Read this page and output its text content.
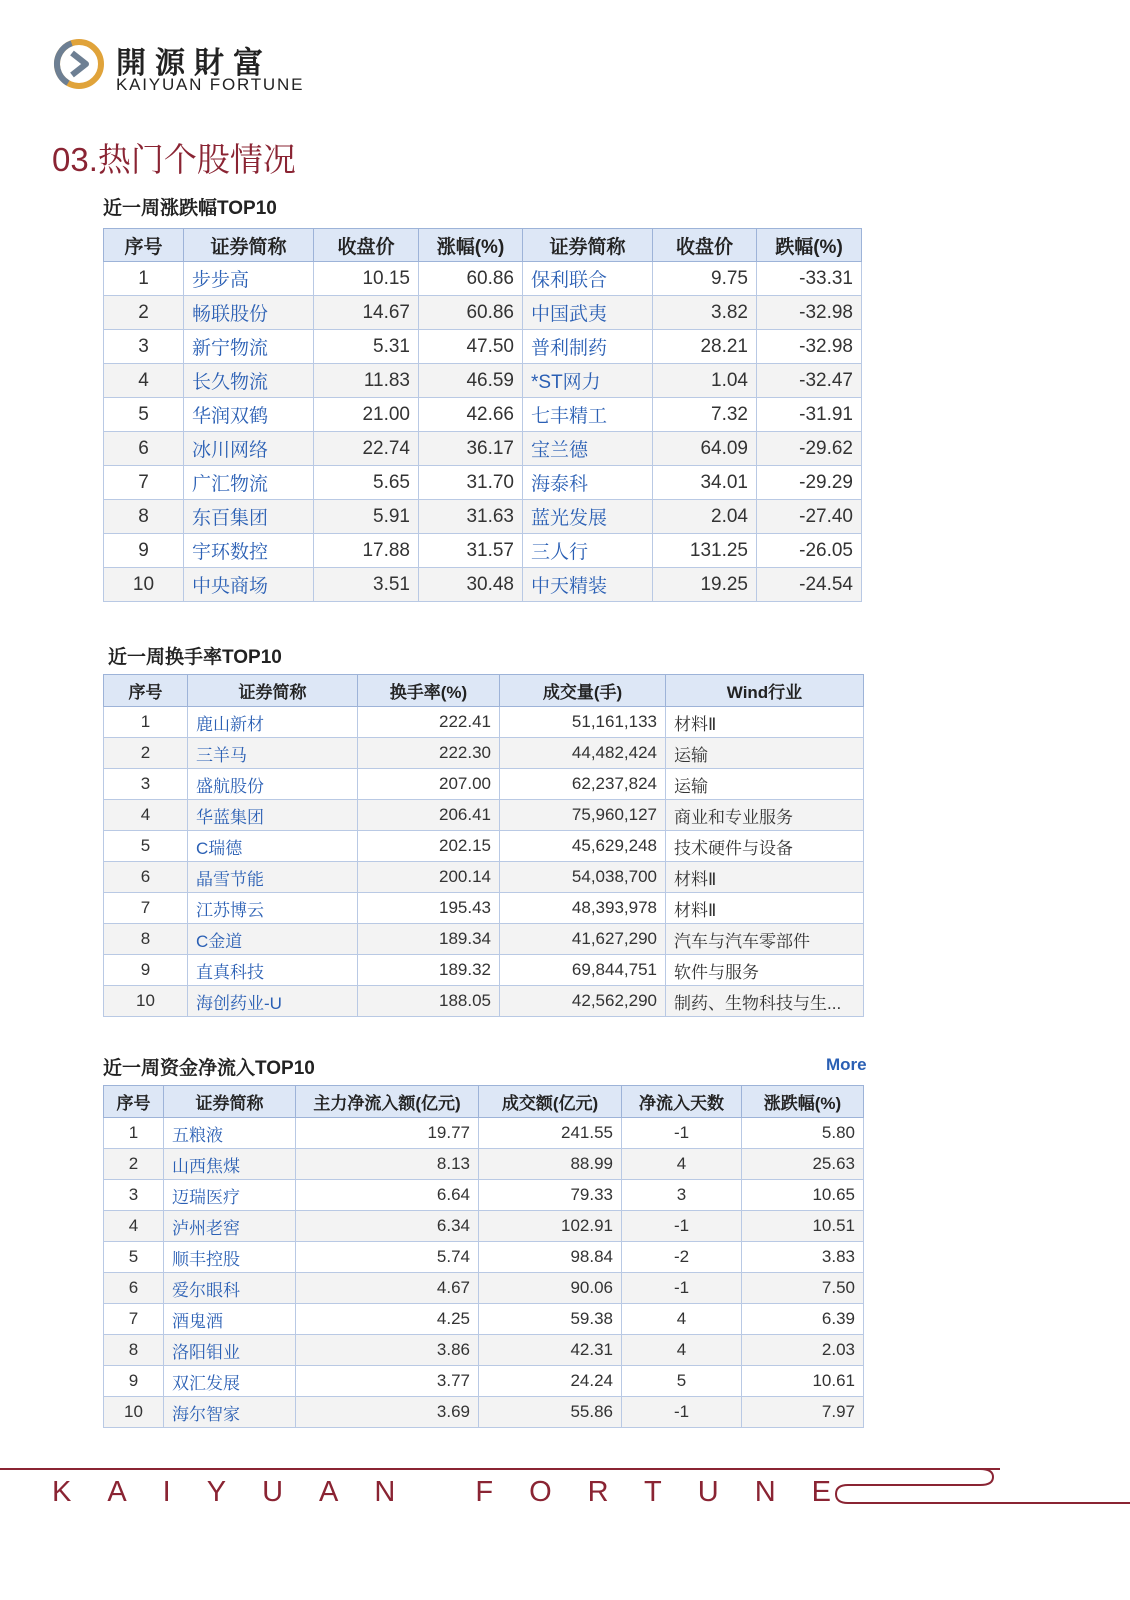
開源財富
KAIYUAN FORTUNE
03.热门个股情况
近一周涨跌幅TOP10
序号	证券简称	收盘价	涨幅(%)	证券简称	收盘价	跌幅(%)
1	步步高	10.15	60.86	保利联合	9.75	-33.31
2	畅联股份	14.67	60.86	中国武夷	3.82	-32.98
3	新宁物流	5.31	47.50	普利制药	28.21	-32.98
4	长久物流	11.83	46.59	*ST网力	1.04	-32.47
5	华润双鹤	21.00	42.66	七丰精工	7.32	-31.91
6	冰川网络	22.74	36.17	宝兰德	64.09	-29.62
7	广汇物流	5.65	31.70	海泰科	34.01	-29.29
8	东百集团	5.91	31.63	蓝光发展	2.04	-27.40
9	宇环数控	17.88	31.57	三人行	131.25	-26.05
10	中央商场	3.51	30.48	中天精装	19.25	-24.54
近一周换手率TOP10
序号	证券简称	换手率(%)	成交量(手)	Wind行业
1	鹿山新材	222.41	51,161,133	材料Ⅱ
2	三羊马	222.30	44,482,424	运输
3	盛航股份	207.00	62,237,824	运输
4	华蓝集团	206.41	75,960,127	商业和专业服务
5	C瑞德	202.15	45,629,248	技术硬件与设备
6	晶雪节能	200.14	54,038,700	材料Ⅱ
7	江苏博云	195.43	48,393,978	材料Ⅱ
8	C金道	189.34	41,627,290	汽车与汽车零部件
9	直真科技	189.32	69,844,751	软件与服务
10	海创药业-U	188.05	42,562,290	制药、生物科技与生...
近一周资金净流入TOP10	More
序号	证券简称	主力净流入额(亿元)	成交额(亿元)	净流入天数	涨跌幅(%)
1	五粮液	19.77	241.55	-1	5.80
2	山西焦煤	8.13	88.99	4	25.63
3	迈瑞医疗	6.64	79.33	3	10.65
4	泸州老窖	6.34	102.91	-1	10.51
5	顺丰控股	5.74	98.84	-2	3.83
6	爱尔眼科	4.67	90.06	-1	7.50
7	酒鬼酒	4.25	59.38	4	6.39
8	洛阳钼业	3.86	42.31	4	2.03
9	双汇发展	3.77	24.24	5	10.61
10	海尔智家	3.69	55.86	-1	7.97
KAIYUAN FORTUNE
